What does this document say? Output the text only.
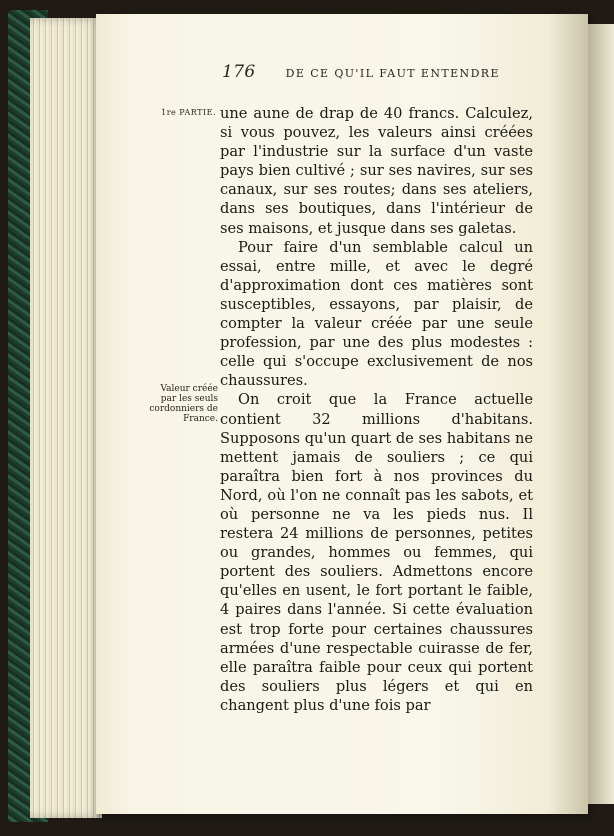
176	DE CE QU'IL FAUT ENTENDRE
1re PARTIE.
Valeur créée par les seuls cordonniers de France.

une aune de drap de 40 francs. Calculez, si vous pouvez, les valeurs ainsi créées par l'industrie sur la surface d'un vaste pays bien cultivé ; sur ses navires, sur ses canaux, sur ses routes; dans ses ateliers, dans ses boutiques, dans l'intérieur de ses maisons, et jusque dans ses galetas.

Pour faire d'un semblable calcul un essai, entre mille, et avec le degré d'approximation dont ces matières sont susceptibles, essayons, par plaisir, de compter la valeur créée par une seule profession, par une des plus modestes : celle qui s'occupe exclusivement de nos chaussures.

On croit que la France actuelle contient 32 millions d'habitans. Supposons qu'un quart de ses habitans ne mettent jamais de souliers ; ce qui paraîtra bien fort à nos provinces du Nord, où l'on ne connaît pas les sabots, et où personne ne va les pieds nus. Il restera 24 millions de personnes, petites ou grandes, hommes ou femmes, qui portent des souliers. Admettons encore qu'elles en usent, le fort portant le faible, 4 paires dans l'année. Si cette évaluation est trop forte pour certaines chaussures armées d'une respectable cuirasse de fer, elle paraîtra faible pour ceux qui portent des souliers plus légers et qui en changent plus d'une fois par
